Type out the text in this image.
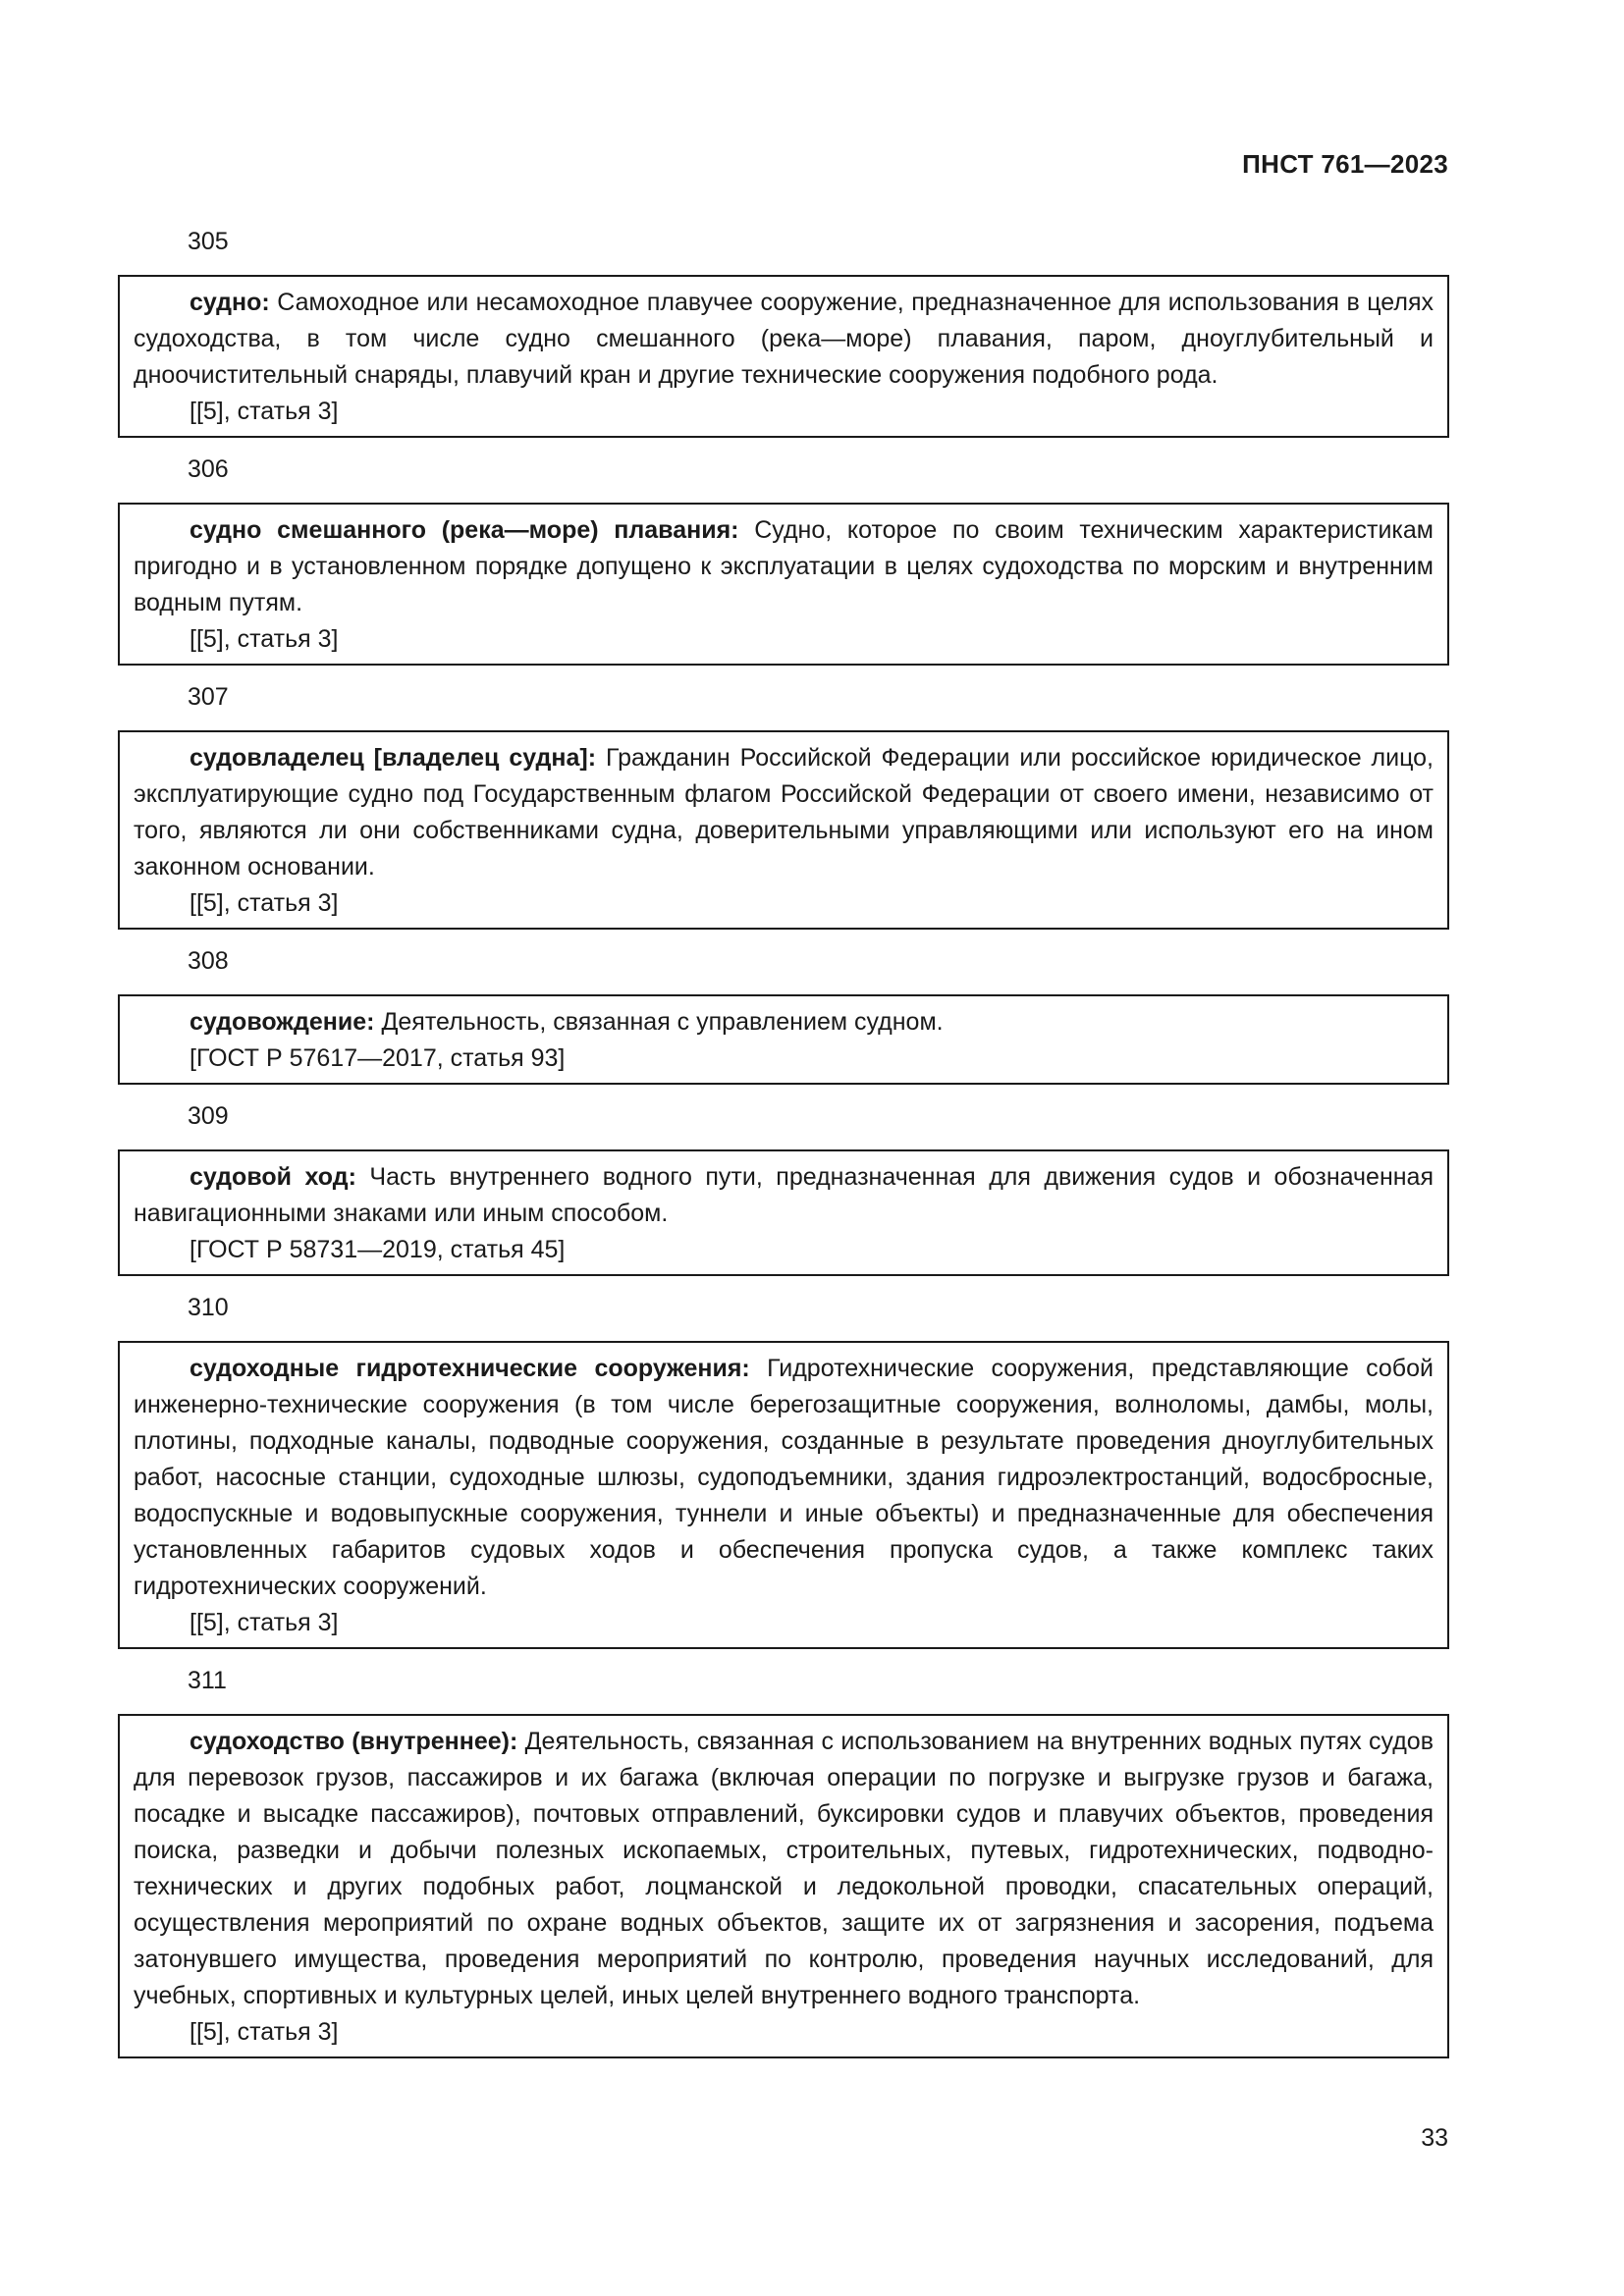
ПНСТ 761—2023
305

судно: Самоходное или несамоходное плавучее сооружение, предназначенное для использования в целях судоходства, в том числе судно смешанного (река—море) плавания, паром, дноуглубительный и дноочистительный снаряды, плавучий кран и другие технические сооружения подобного рода.

[[5], статья 3]

306

судно смешанного (река—море) плавания: Судно, которое по своим техническим характеристикам пригодно и в установленном порядке допущено к эксплуатации в целях судоходства по морским и внутренним водным путям.

[[5], статья 3]

307

судовладелец [владелец судна]: Гражданин Российской Федерации или российское юридическое лицо, эксплуатирующие судно под Государственным флагом Российской Федерации от своего имени, независимо от того, являются ли они собственниками судна, доверительными управляющими или используют его на ином законном основании.

[[5], статья 3]

308

судовождение: Деятельность, связанная с управлением судном.

[ГОСТ Р 57617—2017, статья 93]

309

судовой ход: Часть внутреннего водного пути, предназначенная для движения судов и обозначенная навигационными знаками или иным способом.

[ГОСТ Р 58731—2019, статья 45]

310

судоходные гидротехнические сооружения: Гидротехнические сооружения, представляющие собой инженерно-технические сооружения (в том числе берегозащитные сооружения, волноломы, дамбы, молы, плотины, подходные каналы, подводные сооружения, созданные в результате проведения дноуглубительных работ, насосные станции, судоходные шлюзы, судоподъемники, здания гидроэлектростанций, водосбросные, водоспускные и водовыпускные сооружения, туннели и иные объекты) и предназначенные для обеспечения установленных габаритов судовых ходов и обеспечения пропуска судов, а также комплекс таких гидротехнических сооружений.

[[5], статья 3]

311

судоходство (внутреннее): Деятельность, связанная с использованием на внутренних водных путях судов для перевозок грузов, пассажиров и их багажа (включая операции по погрузке и выгрузке грузов и багажа, посадке и высадке пассажиров), почтовых отправлений, буксировки судов и плавучих объектов, проведения поиска, разведки и добычи полезных ископаемых, строительных, путевых, гидротехнических, подводно-технических и других подобных работ, лоцманской и ледокольной проводки, спасательных операций, осуществления мероприятий по охране водных объектов, защите их от загрязнения и засорения, подъема затонувшего имущества, проведения мероприятий по контролю, проведения научных исследований, для учебных, спортивных и культурных целей, иных целей внутреннего водного транспорта.

[[5], статья 3]

33
